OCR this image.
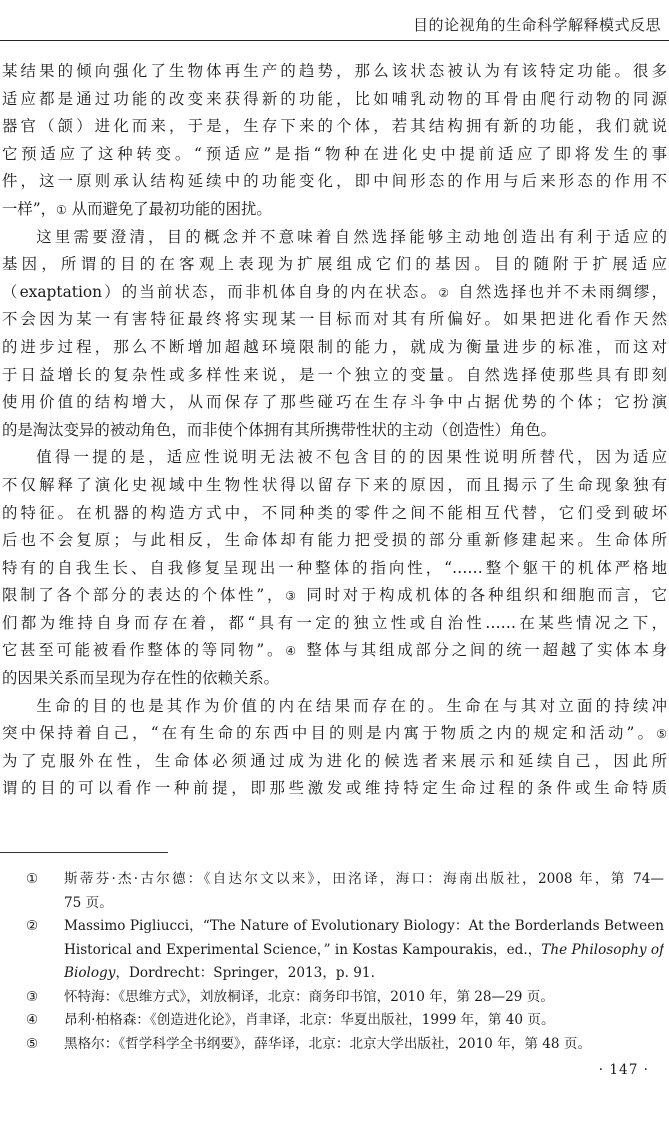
目的论视角的生命科学解释模式反思
某结果的倾向强化了生物体再生产的趋势，那么该状态被认为有该特定功能。很多
适应都是通过功能的改变来获得新的功能，比如哺乳动物的耳骨由爬行动物的同源
器官（颌）进化而来，于是，生存下来的个体，若其结构拥有新的功能，我们就说
它预适应了这种转变。“预适应”是指“物种在进化史中提前适应了即将发生的事
件，这一原则承认结构延续中的功能变化，即中间形态的作用与后来形态的作用不
一样”，① 从而避免了最初功能的困扰。
这里需要澄清，目的概念并不意味着自然选择能够主动地创造出有利于适应的
基因，所谓的目的在客观上表现为扩展组成它们的基因。目的随附于扩展适应
（exaptation）的当前状态，而非机体自身的内在状态。② 自然选择也并不未雨绸缪，
不会因为某一有害特征最终将实现某一目标而对其有所偏好。如果把进化看作天然
的进步过程，那么不断增加超越环境限制的能力，就成为衡量进步的标准，而这对
于日益增长的复杂性或多样性来说，是一个独立的变量。自然选择使那些具有即刻
使用价值的结构增大，从而保存了那些碰巧在生存斗争中占据优势的个体；它扮演
的是淘汰变异的被动角色，而非使个体拥有其所携带性状的主动（创造性）角色。
值得一提的是，适应性说明无法被不包含目的的因果性说明所替代，因为适应
不仅解释了演化史视域中生物性状得以留存下来的原因，而且揭示了生命现象独有
的特征。在机器的构造方式中，不同种类的零件之间不能相互代替，它们受到破坏
后也不会复原；与此相反，生命体却有能力把受损的部分重新修建起来。生命体所
特有的自我生长、自我修复呈现出一种整体的指向性，“……整个躯干的机体严格地
限制了各个部分的表达的个体性”，③ 同时对于构成机体的各种组织和细胞而言，它
们都为维持自身而存在着，都“具有一定的独立性或自治性……在某些情况之下，
它甚至可能被看作整体的等同物”。④ 整体与其组成部分之间的统一超越了实体本身
的因果关系而呈现为存在性的依赖关系。
生命的目的也是其作为价值的内在结果而存在的。生命在与其对立面的持续冲
突中保持着自己，“在有生命的东西中目的则是内寓于物质之内的规定和活动”。⑤
为了克服外在性，生命体必须通过成为进化的候选者来展示和延续自己，因此所
谓的目的可以看作一种前提，即那些激发或维持特定生命过程的条件或生命特质
①	斯蒂芬·杰·古尔德：《自达尔文以来》，田洺译，海口：海南出版社，2008 年，第 74—
75 页。
②	Massimo Pigliucci，“The Nature of Evolutionary Biology：At the Borderlands Between
Historical and Experimental Science，” in Kostas Kampourakis，ed.，The Philosophy of
Biology，Dordrecht：Springer，2013，p. 91.
③	怀特海：《思维方式》，刘放桐译，北京：商务印书馆，2010 年，第 28—29 页。
④	昂利·柏格森：《创造进化论》，肖聿译，北京：华夏出版社，1999 年，第 40 页。
⑤	黑格尔：《哲学科学全书纲要》，薛华译，北京：北京大学出版社，2010 年，第 48 页。
· 147 ·
